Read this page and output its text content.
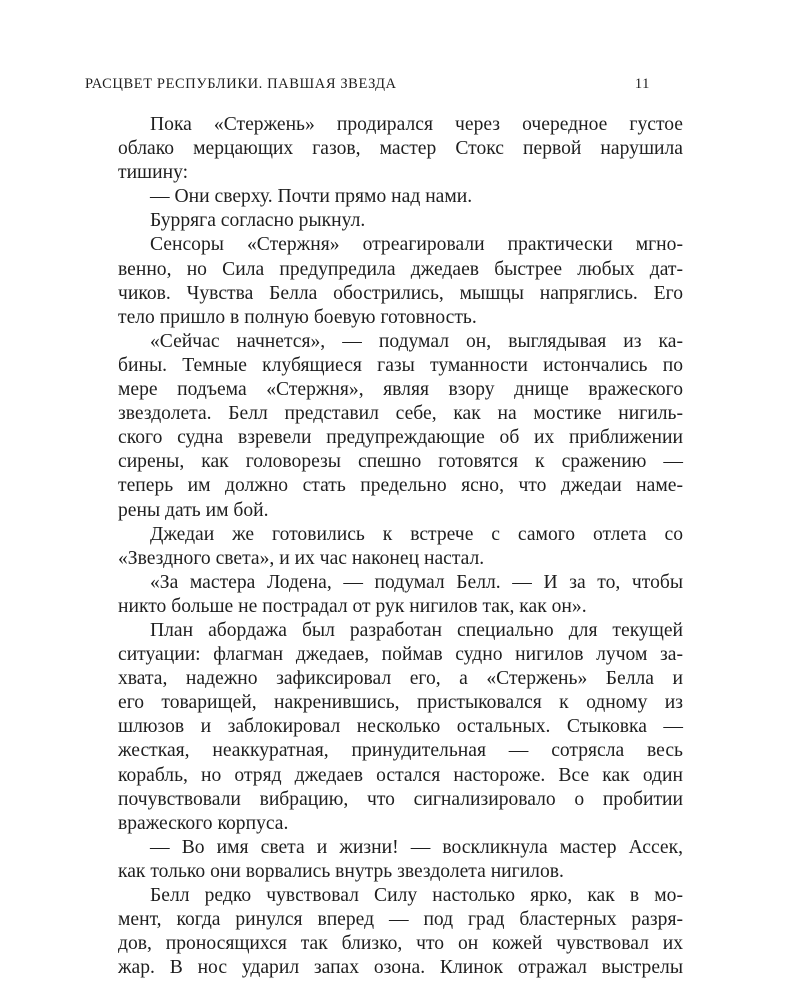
РАСЦВЕТ РЕСПУБЛИКИ. ПАВШАЯ ЗВЕЗДА	11
Пока «Стержень» продирался через очередное густое
облако мерцающих газов, мастер Стокс первой нарушила
тишину:
— Они сверху. Почти прямо над нами.
Бурряга согласно рыкнул.
Сенсоры «Стержня» отреагировали практически мгно-
венно, но Сила предупредила джедаев быстрее любых дат-
чиков. Чувства Белла обострились, мышцы напряглись. Его
тело пришло в полную боевую готовность.
«Сейчас начнется», — подумал он, выглядывая из ка-
бины. Темные клубящиеся газы туманности истончались по
мере подъема «Стержня», являя взору днище вражеского
звездолета. Белл представил себе, как на мостике нигиль-
ского судна взревели предупреждающие об их приближении
сирены, как головорезы спешно готовятся к сражению —
теперь им должно стать предельно ясно, что джедаи наме-
рены дать им бой.
Джедаи же готовились к встрече с самого отлета со
«Звездного света», и их час наконец настал.
«За мастера Лодена, — подумал Белл. — И за то, чтобы
никто больше не пострадал от рук нигилов так, как он».
План абордажа был разработан специально для текущей
ситуации: флагман джедаев, поймав судно нигилов лучом за-
хвата, надежно зафиксировал его, а «Стержень» Белла и
его товарищей, накренившись, пристыковался к одному из
шлюзов и заблокировал несколько остальных. Стыковка —
жесткая, неаккуратная, принудительная — сотрясла весь
корабль, но отряд джедаев остался настороже. Все как один
почувствовали вибрацию, что сигнализировало о пробитии
вражеского корпуса.
— Во имя света и жизни! — воскликнула мастер Ассек,
как только они ворвались внутрь звездолета нигилов.
Белл редко чувствовал Силу настолько ярко, как в мо-
мент, когда ринулся вперед — под град бластерных разря-
дов, проносящихся так близко, что он кожей чувствовал их
жар. В нос ударил запах озона. Клинок отражал выстрелы
